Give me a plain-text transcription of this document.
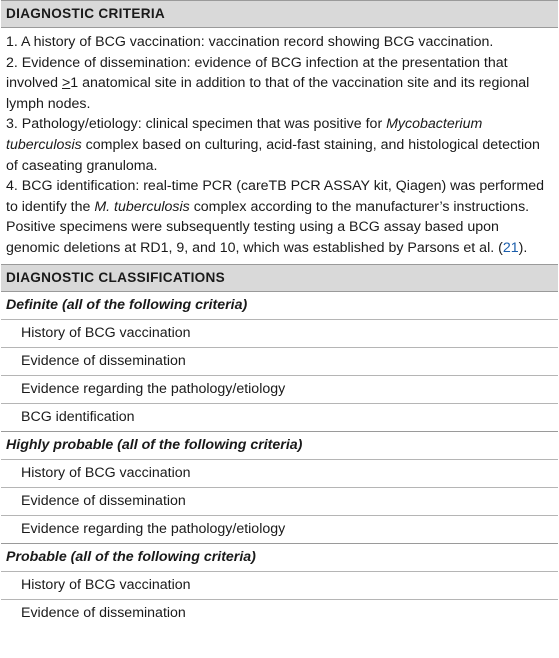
DIAGNOSTIC CRITERIA

1. A history of BCG vaccination: vaccination record showing BCG vaccination.

2. Evidence of dissemination: evidence of BCG infection at the presentation that involved ≥1 anatomical site in addition to that of the vaccination site and its regional lymph nodes.

3. Pathology/etiology: clinical specimen that was positive for Mycobacterium tuberculosis complex based on culturing, acid-fast staining, and histological detection of caseating granuloma.

4. BCG identification: real-time PCR (careTB PCR ASSAY kit, Qiagen) was performed to identify the M. tuberculosis complex according to the manufacturer’s instructions. Positive specimens were subsequently testing using a BCG assay based upon genomic deletions at RD1, 9, and 10, which was established by Parsons et al. (21).

DIAGNOSTIC CLASSIFICATIONS
Definite (all of the following criteria)
History of BCG vaccination
Evidence of dissemination
Evidence regarding the pathology/etiology
BCG identification
Highly probable (all of the following criteria)
History of BCG vaccination
Evidence of dissemination
Evidence regarding the pathology/etiology
Probable (all of the following criteria)
History of BCG vaccination
Evidence of dissemination
